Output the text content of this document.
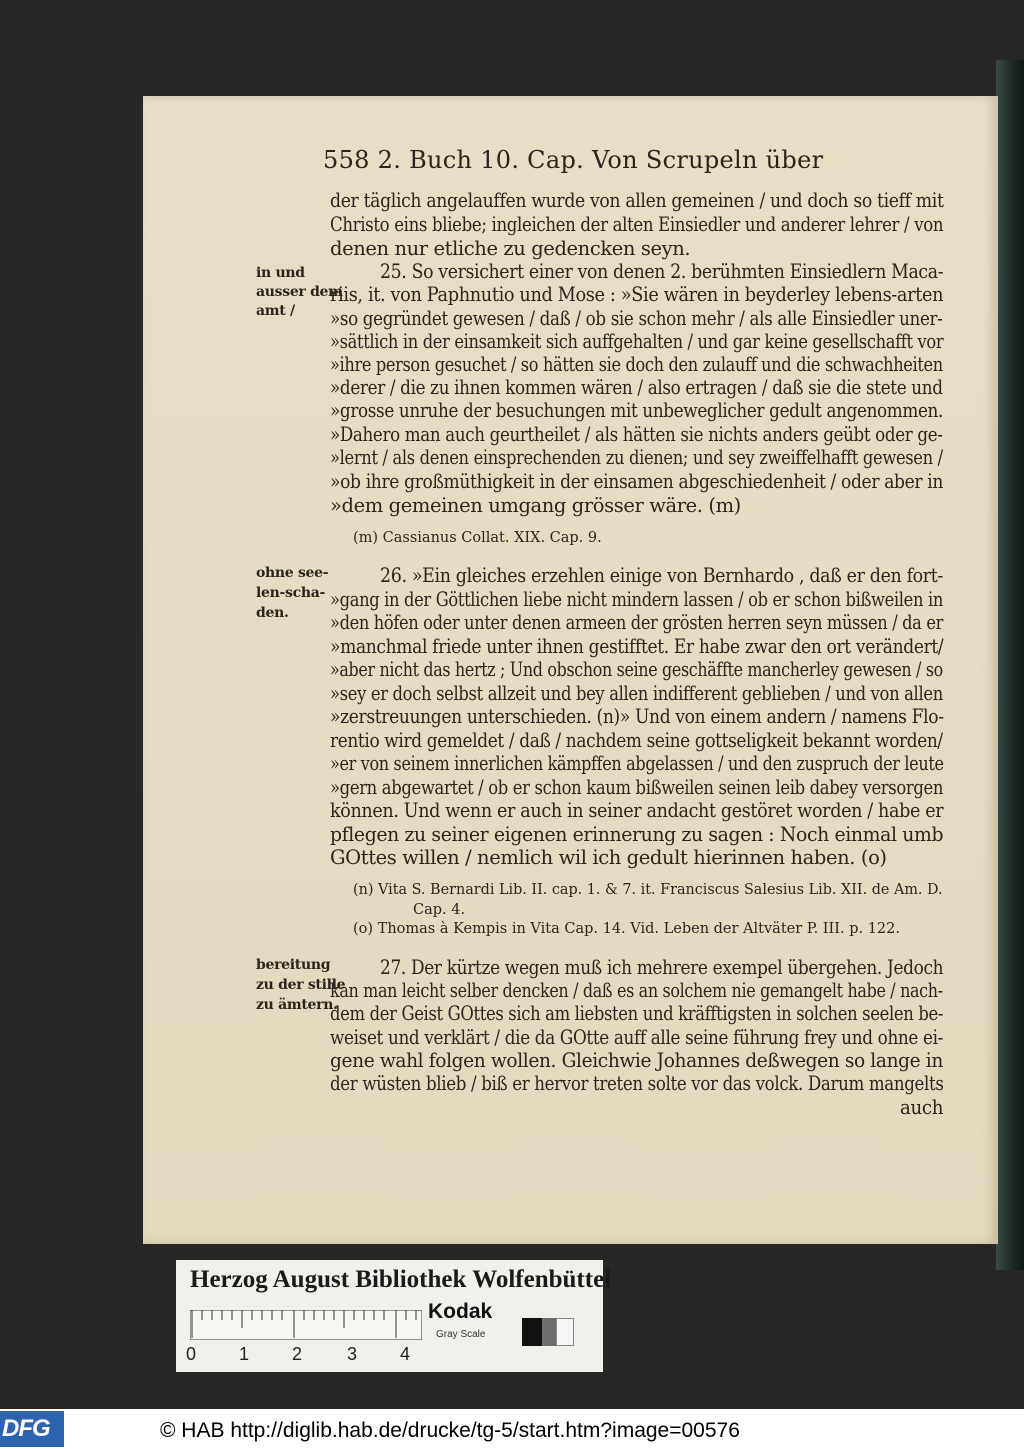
558 2. Buch 10. Cap. Von Scrupeln über
der täglich angelauffen wurde von allen gemeinen / und doch so tieff mit
Christo eins bliebe; ingleichen der alten Einsiedler und anderer lehrer / von
denen nur etliche zu gedencken seyn.
25. So versichert einer von denen 2. berühmten Einsiedlern Maca-
riis, it. von Paphnutio und Mose : »Sie wären in beyderley lebens-arten
»so gegründet gewesen / daß / ob sie schon mehr / als alle Einsiedler uner-
»sättlich in der einsamkeit sich auffgehalten / und gar keine gesellschafft vor
»ihre person gesuchet / so hätten sie doch den zulauff und die schwachheiten
»derer / die zu ihnen kommen wären / also ertragen / daß sie die stete und
»grosse unruhe der besuchungen mit unbeweglicher gedult angenommen.
»Dahero man auch geurtheilet / als hätten sie nichts anders geübt oder ge-
»lernt / als denen einsprechenden zu dienen; und sey zweiffelhafft gewesen /
»ob ihre großmüthigkeit in der einsamen abgeschiedenheit / oder aber in
»dem gemeinen umgang grösser wäre. (m)
(m) Cassianus Collat. XIX. Cap. 9.
26. »Ein gleiches erzehlen einige von Bernhardo , daß er den fort-
»gang in der Göttlichen liebe nicht mindern lassen / ob er schon bißweilen in
»den höfen oder unter denen armeen der grösten herren seyn müssen / da er
»manchmal friede unter ihnen gestifftet. Er habe zwar den ort verändert/
»aber nicht das hertz ; Und obschon seine geschäffte mancherley gewesen / so
»sey er doch selbst allzeit und bey allen indifferent geblieben / und von allen
»zerstreuungen unterschieden. (n)» Und von einem andern / namens Flo-
rentio wird gemeldet / daß / nachdem seine gottseligkeit bekannt worden/
»er von seinem innerlichen kämpffen abgelassen / und den zuspruch der leute
»gern abgewartet / ob er schon kaum bißweilen seinen leib dabey versorgen
können. Und wenn er auch in seiner andacht gestöret worden / habe er
pflegen zu seiner eigenen erinnerung zu sagen : Noch einmal umb
GOttes willen / nemlich wil ich gedult hierinnen haben. (o)
(n) Vita S. Bernardi Lib. II. cap. 1. & 7. it. Franciscus Salesius Lib. XII. de Am. D.
Cap. 4.
(o) Thomas à Kempis in Vita Cap. 14. Vid. Leben der Altväter P. III. p. 122.
27. Der kürtze wegen muß ich mehrere exempel übergehen. Jedoch
kan man leicht selber dencken / daß es an solchem nie gemangelt habe / nach-
dem der Geist GOttes sich am liebsten und kräfftigsten in solchen seelen be-
weiset und verklärt / die da GOtte auff alle seine führung frey und ohne ei-
gene wahl folgen wollen. Gleichwie Johannes deßwegen so lange in
der wüsten blieb / biß er hervor treten solte vor das volck. Darum mangelts
auch
in und
ausser dem
amt /
ohne see-
len-scha-
den.
bereitung
zu der stille
zu ämtern.
Herzog August Bibliothek Wolfenbüttel
0 1 2 3 4
Kodak
Gray Scale
DFG	© HAB http://diglib.hab.de/drucke/tg-5/start.htm?image=00576
